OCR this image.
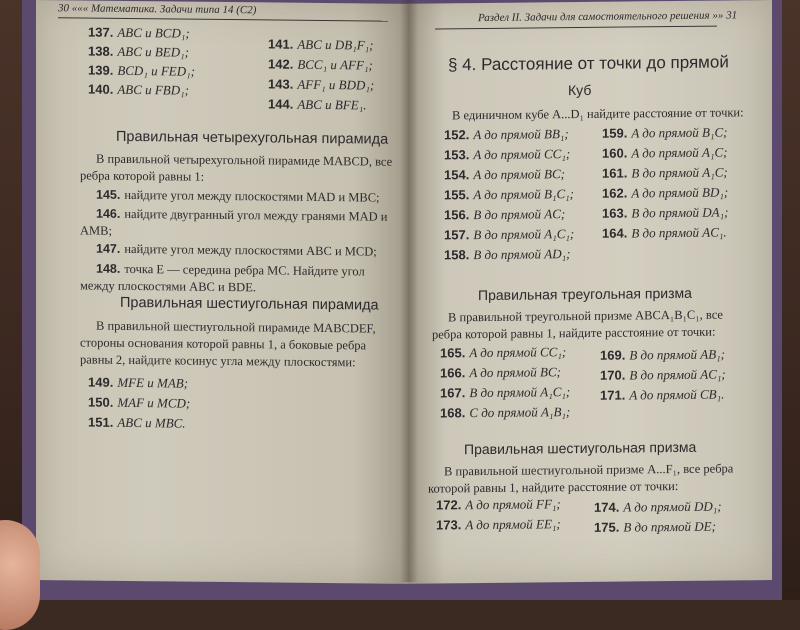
30 ««« Математика. Задачи типа 14 (С2)
137. ABC и BCD₁;
138. ABC и BED₁;
139. BCD₁ и FED₁;
140. ABC и FBD₁;
141. ABC и DB₁F₁;
142. BCC₁ и AFF₁;
143. AFF₁ и BDD₁;
144. ABC и BFE₁.
Правильная четырехугольная пирамида
В правильной четырехугольной пирамиде MABCD, все ребра которой равны 1:
145. найдите угол между плоскостями MAD и MBC;
146. найдите двугранный угол между гранями MAD и AMB;
147. найдите угол между плоскостями ABC и MCD;
148. точка E — середина ребра MC. Найдите угол между плоскостями ABC и BDE.
Правильная шестиугольная пирамида
В правильной шестиугольной пирамиде MABCDEF, стороны основания которой равны 1, а боковые ребра равны 2, найдите косинус угла между плоскостями:
149. MFE и MAB;
150. MAF и MCD;
151. ABC и MBC.
Раздел II. Задачи для самостоятельного решения »» 31
§ 4. Расстояние от точки до прямой
Куб
В единичном кубе A...D₁ найдите расстояние от точки:
152. A до прямой BB₁;
153. A до прямой CC₁;
154. A до прямой BC;
155. A до прямой B₁C₁;
156. B до прямой AC;
157. B до прямой A₁C₁;
158. B до прямой AD₁;
159. A до прямой B₁C;
160. A до прямой A₁C;
161. B до прямой A₁C;
162. A до прямой BD₁;
163. B до прямой DA₁;
164. B до прямой AC₁.
Правильная треугольная призма
В правильной треугольной призме ABCA₁B₁C₁, все ребра которой равны 1, найдите расстояние от точки:
165. A до прямой CC₁;
166. A до прямой BC;
167. B до прямой A₁C₁;
168. C до прямой A₁B₁;
169. B до прямой AB₁;
170. B до прямой AC₁;
171. A до прямой CB₁.
Правильная шестиугольная призма
В правильной шестиугольной призме A...F₁, все ребра которой равны 1, найдите расстояние от точки:
172. A до прямой FF₁;
173. A до прямой EE₁;
174. A до прямой DD₁;
175. B до прямой DE;
